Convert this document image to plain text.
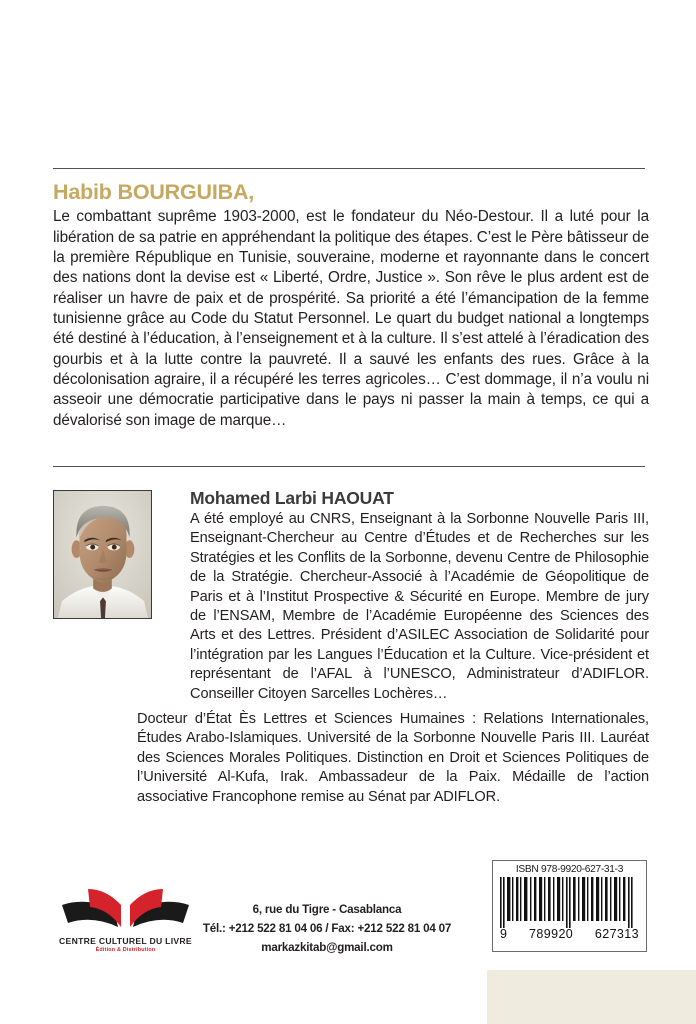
Habib BOURGUIBA,

Le combattant suprême 1903-2000, est le fondateur du Néo-Destour. Il a luté pour la libération de sa patrie en appréhendant la politique des étapes. C’est le Père bâtisseur de la première République en Tunisie, souveraine, moderne et rayonnante dans le concert des nations dont la devise est « Liberté, Ordre, Justice ». Son rêve le plus ardent est de réaliser un havre de paix et de prospérité. Sa priorité a été l’émancipation de la femme tunisienne grâce au Code du Statut Personnel. Le quart du budget national a longtemps été destiné à l’éducation, à l’enseignement et à la culture. Il s’est attelé à l’éradication des gourbis et à la lutte contre la pauvreté. Il a sauvé les enfants des rues. Grâce à la décolonisation agraire, il a récupéré les terres agricoles… C’est dommage, il n’a voulu ni asseoir une démocratie participative dans le pays ni passer la main à temps, ce qui a dévalorisé son image de marque…

Mohamed Larbi HAOUAT

A été employé au CNRS, Enseignant à la Sorbonne Nouvelle Paris III, Enseignant-Chercheur au Centre d’Études et de Recherches sur les Stratégies et les Conflits de la Sorbonne, devenu Centre de Philosophie de la Stratégie. Chercheur-Associé à l’Académie de Géopolitique de Paris et à l’Institut Prospective & Sécurité en Europe. Membre de jury de l’ENSAM, Membre de l’Académie Européenne des Sciences des Arts et des Lettres. Président d’ASILEC Association de Solidarité pour l’intégration par les Langues l’Éducation et la Culture. Vice-président et représentant de l’AFAL à l’UNESCO, Administrateur d’ADIFLOR. Conseiller Citoyen Sarcelles Lochères…

Docteur d’État Ès Lettres et Sciences Humaines : Relations Internationales, Études Arabo-Islamiques. Université de la Sorbonne Nouvelle Paris III. Lauréat des Sciences Morales Politiques. Distinction en Droit et Sciences Politiques de l’Université Al-Kufa, Irak. Ambassadeur de la Paix. Médaille de l’action associative Francophone remise au Sénat par ADIFLOR.

CENTRE CULTUREL DU LIVRE
Édition & Distribution
6, rue du Tigre - Casablanca
Tél.: +212 522 81 04 06 / Fax: +212 522 81 04 07
markazkitab@gmail.com
ISBN 978-9920-627-31-3
9 789920 627313
